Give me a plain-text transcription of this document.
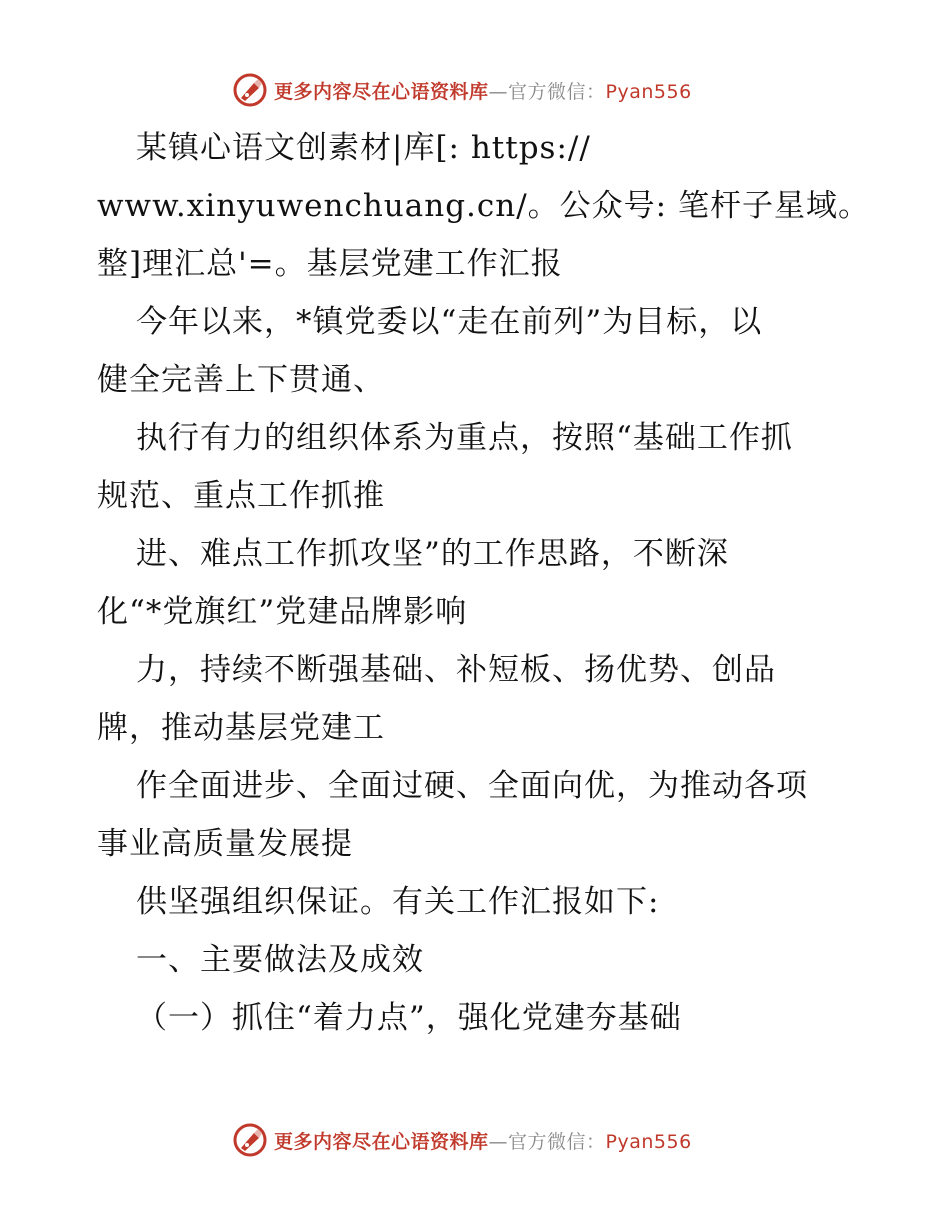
更多内容尽在心语资料库—官方微信：Pyan556
某镇心语文创素材|库[: https://
www.xinyuwenchuang.cn/。公众号: 笔杆子星域。
整]理汇总'=。基层党建工作汇报
今年以来，*镇党委以“走在前列”为目标，以
健全完善上下贯通、
执行有力的组织体系为重点，按照“基础工作抓
规范、重点工作抓推
进、难点工作抓攻坚”的工作思路，不断深
化“*党旗红”党建品牌影响
力，持续不断强基础、补短板、扬优势、创品
牌，推动基层党建工
作全面进步、全面过硬、全面向优，为推动各项
事业高质量发展提
供坚强组织保证。有关工作汇报如下:
一、主要做法及成效
（一）抓住“着力点”，强化党建夯基础
更多内容尽在心语资料库—官方微信：Pyan556
